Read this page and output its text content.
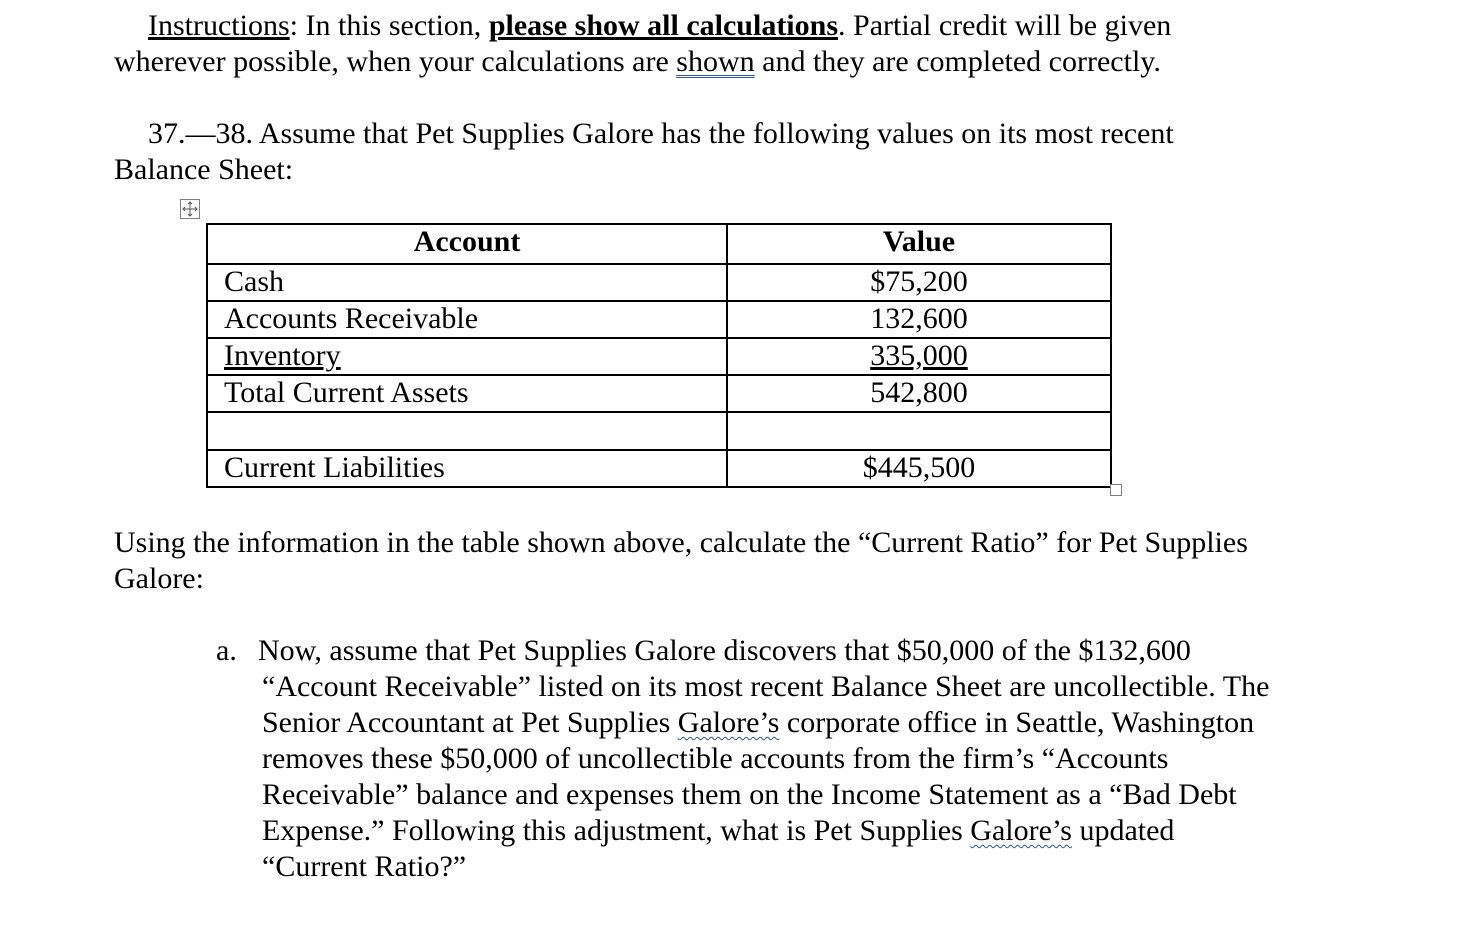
Instructions: In this section, please show all calculations. Partial credit will be given
wherever possible, when your calculations are shown and they are completed correctly.
37.—38. Assume that Pet Supplies Galore has the following values on its most recent
Balance Sheet:
Account	Value
Cash	$75,200
Accounts Receivable	132,600
Inventory	335,000
Total Current Assets	542,800

Current Liabilities	$445,500
Using the information in the table shown above, calculate the “Current Ratio” for Pet Supplies
Galore:
a. Now, assume that Pet Supplies Galore discovers that $50,000 of the $132,600
“Account Receivable” listed on its most recent Balance Sheet are uncollectible. The
Senior Accountant at Pet Supplies Galore’s corporate office in Seattle, Washington
removes these $50,000 of uncollectible accounts from the firm’s “Accounts
Receivable” balance and expenses them on the Income Statement as a “Bad Debt
Expense.” Following this adjustment, what is Pet Supplies Galore’s updated
“Current Ratio?”
